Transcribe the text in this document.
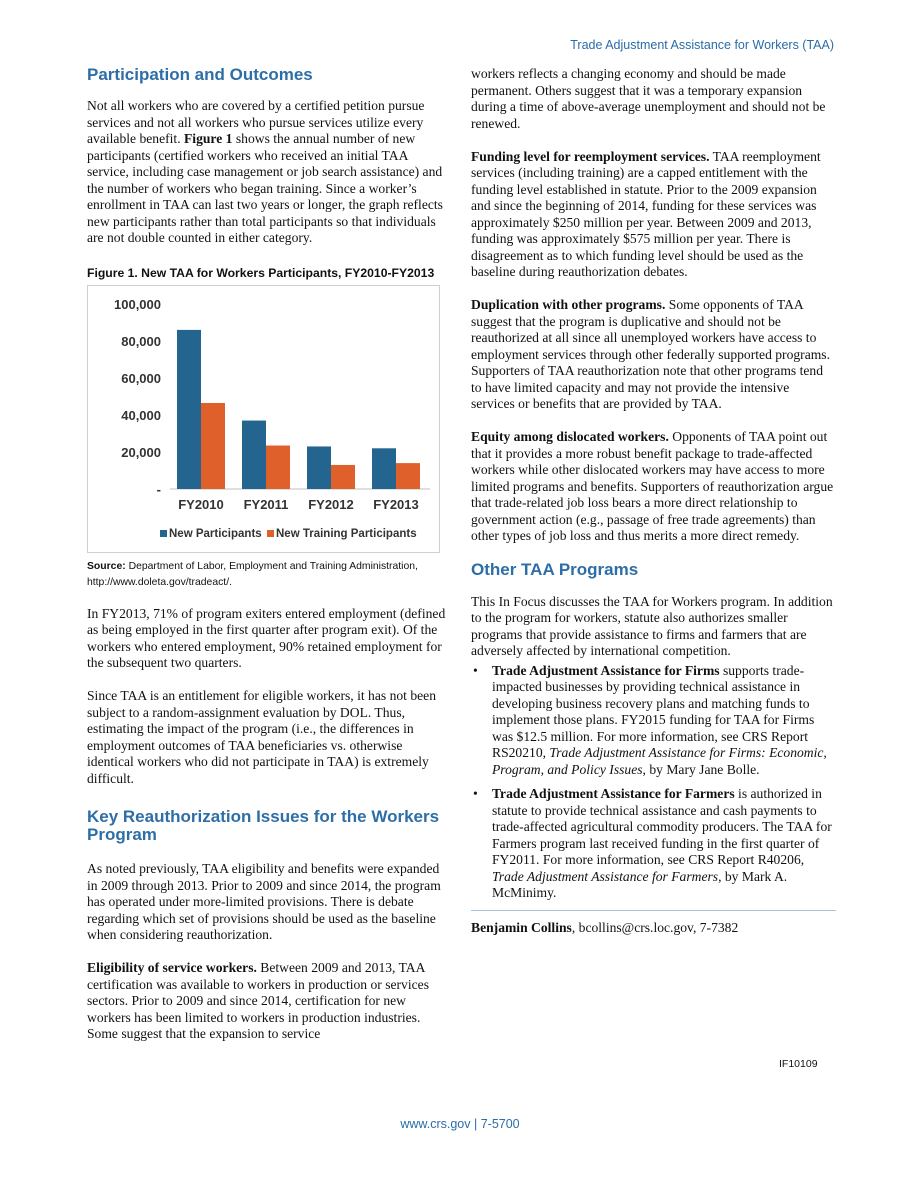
Trade Adjustment Assistance for Workers (TAA)
Participation and Outcomes

Not all workers who are covered by a certified petition pursue services and not all workers who pursue services utilize every available benefit. Figure 1 shows the annual number of new participants (certified workers who received an initial TAA service, including case management or job search assistance) and the number of workers who began training. Since a worker’s enrollment in TAA can last two years or longer, the graph reflects new participants rather than total participants so that individuals are not double counted in either category.

Figure 1. New TAA for Workers Participants, FY2010-FY2013
-
20,000
40,000
60,000
80,000
100,000
FY2010 FY2011 FY2012 FY2013
New Participants New Training Participants
Source: Department of Labor, Employment and Training Administration, http://www.doleta.gov/tradeact/.

In FY2013, 71% of program exiters entered employment (defined as being employed in the first quarter after program exit). Of the workers who entered employment, 90% retained employment for the subsequent two quarters.

Since TAA is an entitlement for eligible workers, it has not been subject to a random-assignment evaluation by DOL. Thus, estimating the impact of the program (i.e., the differences in employment outcomes of TAA beneficiaries vs. otherwise identical workers who did not participate in TAA) is extremely difficult.

Key Reauthorization Issues for the Workers Program

As noted previously, TAA eligibility and benefits were expanded in 2009 through 2013. Prior to 2009 and since 2014, the program has operated under more-limited provisions. There is debate regarding which set of provisions should be used as the baseline when considering reauthorization.

Eligibility of service workers. Between 2009 and 2013, TAA certification was available to workers in production or services sectors. Prior to 2009 and since 2014, certification for new workers has been limited to workers in production industries. Some suggest that the expansion to service

workers reflects a changing economy and should be made permanent. Others suggest that it was a temporary expansion during a time of above-average unemployment and should not be renewed.

Funding level for reemployment services. TAA reemployment services (including training) are a capped entitlement with the funding level established in statute. Prior to the 2009 expansion and since the beginning of 2014, funding for these services was approximately $250 million per year. Between 2009 and 2013, funding was approximately $575 million per year. There is disagreement as to which funding level should be used as the baseline during reauthorization debates.

Duplication with other programs. Some opponents of TAA suggest that the program is duplicative and should not be reauthorized at all since all unemployed workers have access to employment services through other federally supported programs. Supporters of TAA reauthorization note that other programs tend to have limited capacity and may not provide the intensive services or benefits that are provided by TAA.

Equity among dislocated workers. Opponents of TAA point out that it provides a more robust benefit package to trade-affected workers while other dislocated workers may have access to more limited programs and benefits. Supporters of reauthorization argue that trade-related job loss bears a more direct relationship to government action (e.g., passage of free trade agreements) than other types of job loss and thus merits a more direct remedy.

Other TAA Programs

This In Focus discusses the TAA for Workers program. In addition to the program for workers, statute also authorizes smaller programs that provide assistance to firms and farmers that are adversely affected by international competition.

• Trade Adjustment Assistance for Firms supports trade-impacted businesses by providing technical assistance in developing business recovery plans and matching funds to implement those plans. FY2015 funding for TAA for Firms was $12.5 million. For more information, see CRS Report RS20210, Trade Adjustment Assistance for Firms: Economic, Program, and Policy Issues, by Mary Jane Bolle.
• Trade Adjustment Assistance for Farmers is authorized in statute to provide technical assistance and cash payments to trade-affected agricultural commodity producers. The TAA for Farmers program last received funding in the first quarter of FY2011. For more information, see CRS Report R40206, Trade Adjustment Assistance for Farmers, by Mark A. McMinimy.

Benjamin Collins, bcollins@crs.loc.gov, 7-7382

IF10109
www.crs.gov | 7-5700
